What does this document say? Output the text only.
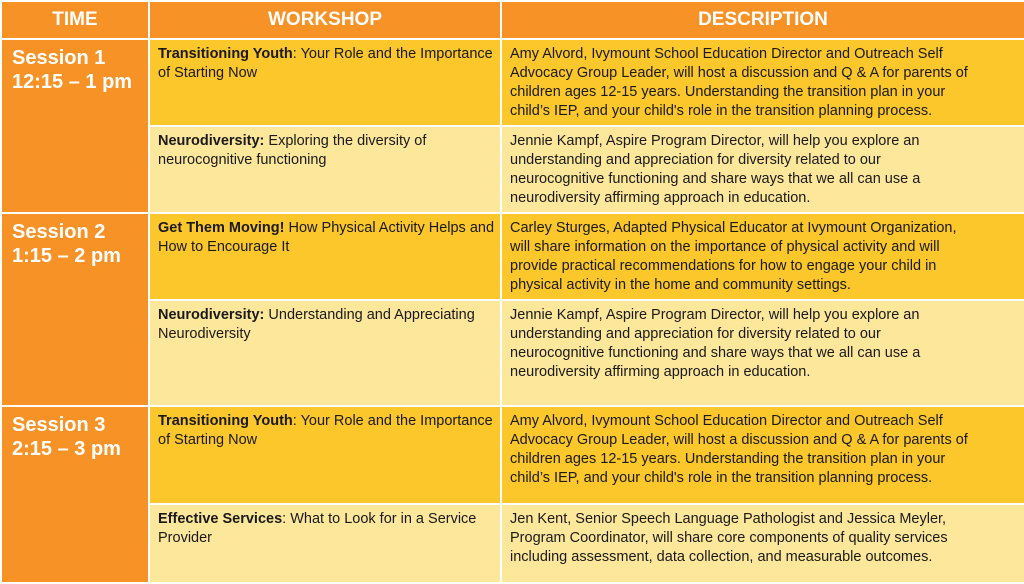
TIME	WORKSHOP	DESCRIPTION

Session 1
12:15 – 1 pm	Transitioning Youth: Your Role and the Importance of Starting Now	Amy Alvord, Ivymount School Education Director and Outreach Self
Advocacy Group Leader, will host a discussion and Q & A for parents of
children ages 12-15 years. Understanding the transition plan in your
child’s IEP, and your child's role in the transition planning process.

	Neurodiversity: Exploring the diversity of neurocognitive functioning	Jennie Kampf, Aspire Program Director, will help you explore an
understanding and appreciation for diversity related to our
neurocognitive functioning and share ways that we all can use a
neurodiversity affirming approach in education.

Session 2
1:15 – 2 pm	Get Them Moving! How Physical Activity Helps and How to Encourage It	Carley Sturges, Adapted Physical Educator at Ivymount Organization,
will share information on the importance of physical activity and will
provide practical recommendations for how to engage your child in
physical activity in the home and community settings.

	Neurodiversity: Understanding and Appreciating Neurodiversity	Jennie Kampf, Aspire Program Director, will help you explore an
understanding and appreciation for diversity related to our
neurocognitive functioning and share ways that we all can use a
neurodiversity affirming approach in education.

Session 3
2:15 – 3 pm	Transitioning Youth: Your Role and the Importance of Starting Now	Amy Alvord, Ivymount School Education Director and Outreach Self
Advocacy Group Leader, will host a discussion and Q & A for parents of
children ages 12-15 years. Understanding the transition plan in your
child’s IEP, and your child's role in the transition planning process.

	Effective Services: What to Look for in a Service Provider	Jen Kent, Senior Speech Language Pathologist and Jessica Meyler,
Program Coordinator, will share core components of quality services
including assessment, data collection, and measurable outcomes.
